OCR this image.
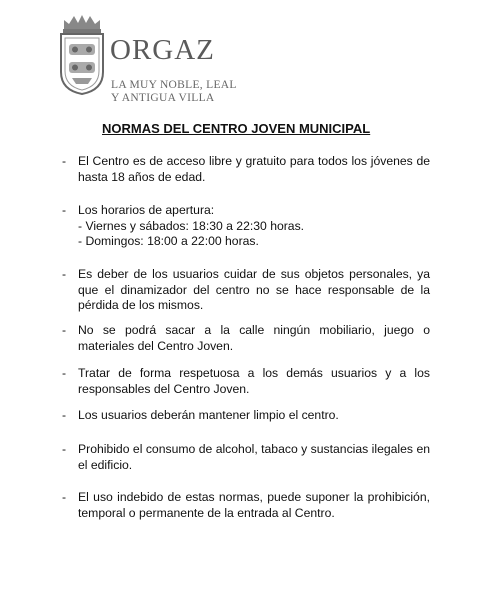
ORGAZ
LA MUY NOBLE, LEAL
Y ANTIGUA VILLA
NORMAS DEL CENTRO JOVEN MUNICIPAL
- El Centro es de acceso libre y gratuito para todos los jóvenes de hasta 18 años de edad.
- Los horarios de apertura:
- Viernes y sábados: 18:30 a 22:30 horas.
- Domingos: 18:00 a 22:00 horas.
- Es deber de los usuarios cuidar de sus objetos personales, ya que el dinamizador del centro no se hace responsable de la pérdida de los mismos.
- No se podrá sacar a la calle ningún mobiliario, juego o materiales del Centro Joven.
- Tratar de forma respetuosa a los demás usuarios y a los responsables del Centro Joven.
- Los usuarios deberán mantener limpio el centro.
- Prohibido el consumo de alcohol, tabaco y sustancias ilegales en el edificio.
- El uso indebido de estas normas, puede suponer la prohibición, temporal o permanente de la entrada al Centro.
